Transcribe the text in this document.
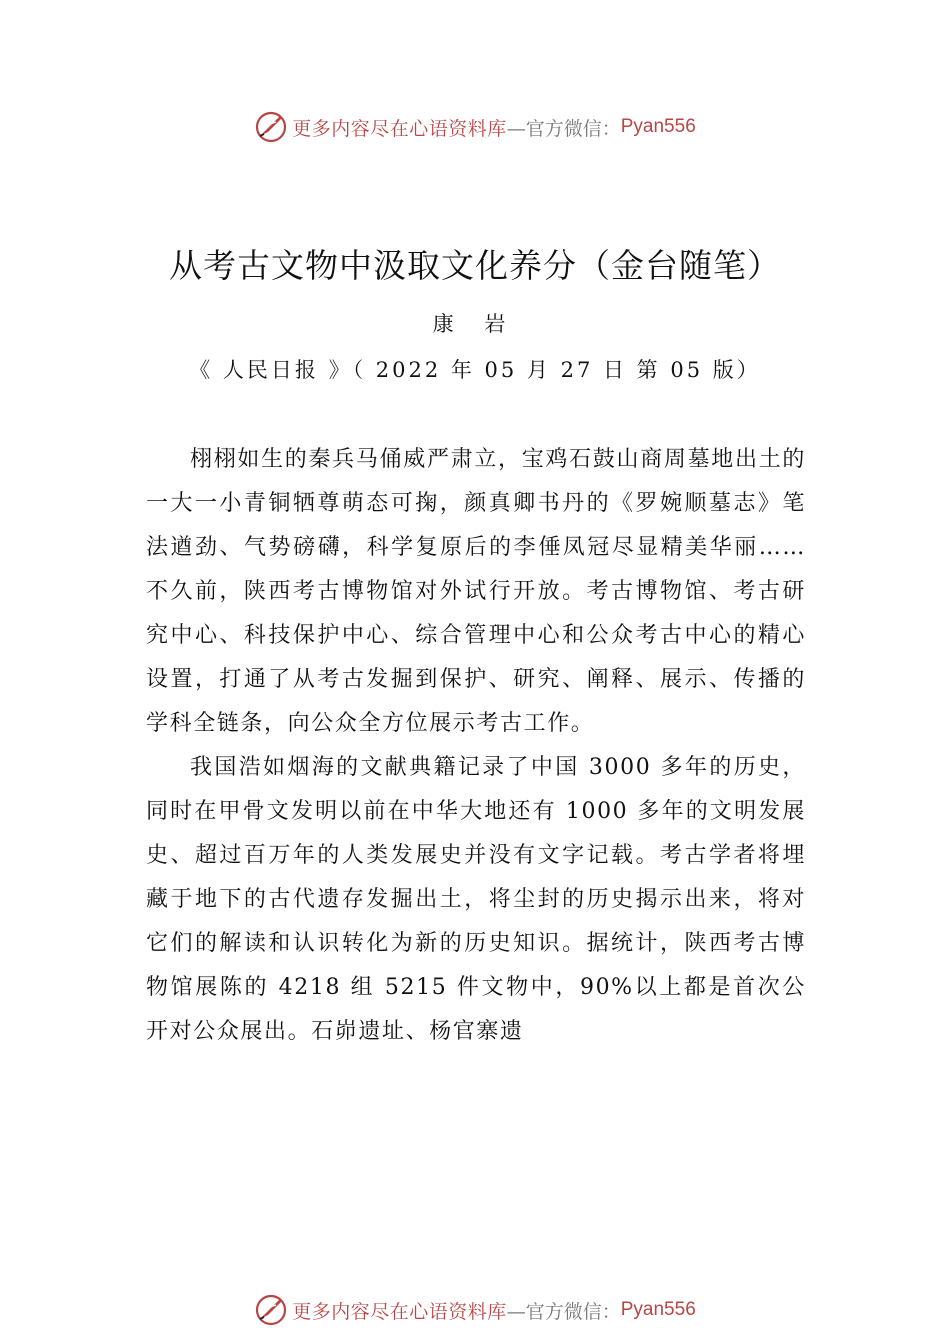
更多内容尽在心语资料库 —官方微信： Pyan556
从考古文物中汲取文化养分（金台随笔）
康 岩
《 人民日报 》（ 2022 年 05 月 27 日 第 05 版）

栩栩如生的秦兵马俑威严肃立，宝鸡石鼓山商周墓地出土的一大一小青铜牺尊萌态可掬，颜真卿书丹的《罗婉顺墓志》笔法遒劲、气势磅礴，科学复原后的李倕凤冠尽显精美华丽……不久前，陕西考古博物馆对外试行开放。考古博物馆、考古研究中心、科技保护中心、综合管理中心和公众考古中心的精心设置，打通了从考古发掘到保护、研究、阐释、展示、传播的学科全链条，向公众全方位展示考古工作。

我国浩如烟海的文献典籍记录了中国 3000 多年的历史，同时在甲骨文发明以前在中华大地还有 1000 多年的文明发展史、超过百万年的人类发展史并没有文字记载。考古学者将埋藏于地下的古代遗存发掘出土，将尘封的历史揭示出来，将对它们的解读和认识转化为新的历史知识。据统计，陕西考古博物馆展陈的 4218 组 5215 件文物中，90%以上都是首次公开对公众展出。石峁遗址、杨官寨遗

更多内容尽在心语资料库 —官方微信： Pyan556
